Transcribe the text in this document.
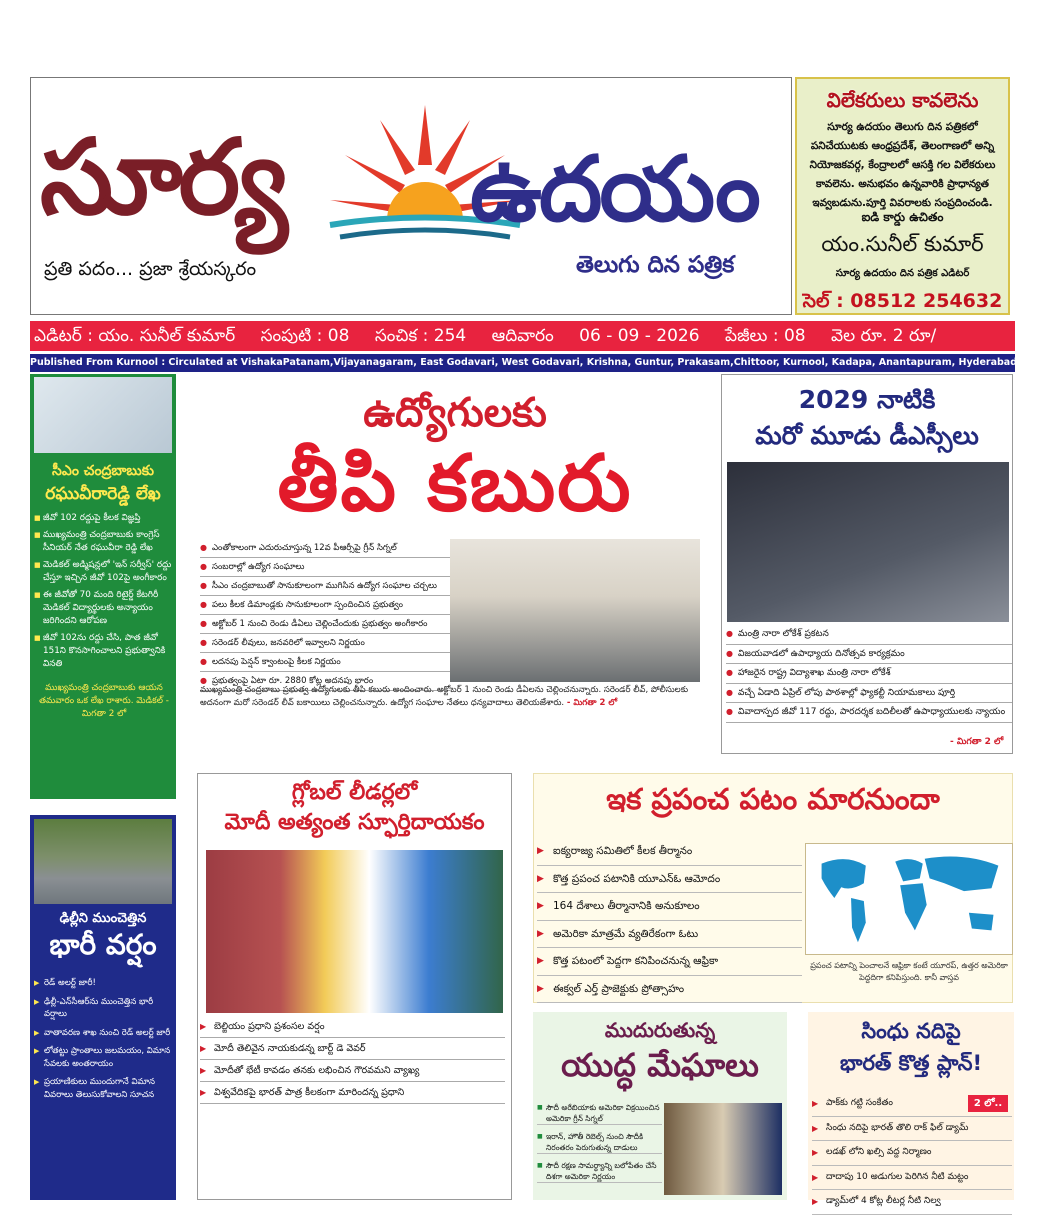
సూర్య ఉదయం
ప్రతి పదం... ప్రజా శ్రేయస్కరం	తెలుగు దిన పత్రిక
విలేకరులు కావలెను
సూర్య ఉదయం తెలుగు దిన పత్రికలో పనిచేయుటకు ఆంధ్రప్రదేశ్, తెలంగాణలో అన్ని నియోజకవర్గ, కేంద్రాలలో ఆసక్తి గల విలేకరులు కావలెను. అనుభవం ఉన్నవారికి ప్రాధాన్యత ఇవ్వబడును.పూర్తి వివరాలకు సంప్రదించండి.
ఐడి కార్డు ఉచితం
యం.సునీల్ కుమార్
సూర్య ఉదయం దిన పత్రిక ఎడిటర్
సెల్ : 08512 254632
ఎడిటర్ : యం. సునీల్ కుమార్ సంపుటి : 08 సంచిక : 254 ఆదివారం 06 - 09 - 2026 పేజీలు : 08 వెల రూ. 2 రూ/
Published From Kurnool : Circulated at VishakaPatanam,Vijayanagaram, East Godavari, West Godavari, Krishna, Guntur, Prakasam,Chittoor, Kurnool, Kadapa, Anantapuram, Hyderabad
సీఎం చంద్రబాబుకు
రఘువీరారెడ్డి లేఖ
■ జీవో 102 రద్దుపై కీలక విజ్ఞప్తి
■ ముఖ్యమంత్రి చంద్రబాబుకు కాంగ్రెస్ సీనియర్ నేత రఘువీరా రెడ్డి లేఖ
■ మెడికల్ అడ్మిషన్లలో 'ఇన్ సర్వీస్' రద్దు చేస్తూ ఇచ్చిన జీవో 102పై అంగీకారం
■ ఈ జీవోతో 70 మంది రిటైర్డ్ కేటగిరీ మెడికల్ విద్యార్థులకు అన్యాయం జరిగిందని ఆరోపణ
■ జీవో 102ను రద్దు చేసి, పాత జీవో 151ని కొనసాగించాలని ప్రభుత్వానికి వినతి
ముఖ్యమంత్రి చంద్రబాబుకు ఆయన తమవారం ఒక లేఖ రాశారు. మెడికల్ - మిగతా 2 లో
ఉద్యోగులకు
తీపి కబురు
● ఎంతోకాలంగా ఎదురుచూస్తున్న 12వ పీఆర్సీపై గ్రీన్ సిగ్నల్
● సంబరాల్లో ఉద్యోగ సంఘాలు
● సీఎం చంద్రబాబుతో సానుకూలంగా ముగిసిన ఉద్యోగ సంఘాల చర్చలు
● పలు కీలక డిమాండ్లకు సానుకూలంగా స్పందించిన ప్రభుత్వం
● అక్టోబర్ 1 నుంచి రెండు డీఏలు చెల్లించేందుకు ప్రభుత్వం అంగీకారం
● సరెండర్ లీవులు, జనవరిలో ఇవ్వాలని నిర్ణయం
● లదనపు పెన్షన్ క్వాంటంపై కీలక నిర్ణయం
● ప్రభుత్వంపై ఏటా రూ. 2880 కోట్ల అదనపు భారం
ముఖ్యమంత్రి చంద్రబాబు ప్రభుత్వ ఉద్యోగులకు తీపి కబురు అందించారు. అక్టోబర్ 1 నుంచి రెండు డీఏలను చెల్లించనున్నారు. సరెండర్ లీవ్, పోలీసులకు అదనంగా మరో సరెండర్ లీవ్ బకాయిలు చెల్లించనున్నారు. ఉద్యోగ సంఘాల నేతలు ధన్యవాదాలు తెలియజేశారు. - మిగతా 2 లో
2029 నాటికి
మరో మూడు డీఎస్సీలు
● మంత్రి నారా లోకేశ్ ప్రకటన
● విజయవాడలో ఉపాధ్యాయ దినోత్సవ కార్యక్రమం
● హాజరైన రాష్ట్ర విద్యాశాఖ మంత్రి నారా లోకేశ్
● వచ్చే ఏడాది ఏప్రిల్ లోపు పాఠశాల్లో ఫ్యాకల్టీ నియామకాలు పూర్తి
● వివాదాస్పద జీవో 117 రద్దు, పారదర్శక బదిలీలతో ఉపాధ్యాయులకు న్యాయం
- మిగతా 2 లో
గ్లోబల్ లీడర్లలో
మోదీ అత్యంత స్ఫూర్తిదాయకం
▶ బెల్జియం ప్రధాని ప్రశంసల వర్షం
▶ మోదీ తెలివైన నాయకుడన్న బార్ట్ డె వెవర్
▶ మోదీతో భేటీ కావడం తనకు లభించిన గౌరవమని వ్యాఖ్య
▶ విశ్వవేదికపై భారత్ పాత్ర కీలకంగా మారిందన్న ప్రధాని
ఇక ప్రపంచ పటం మారనుందా
▶ ఐక్యరాజ్య సమితిలో కీలక తీర్మానం
▶ కొత్త ప్రపంచ పటానికి యూఎన్ఓ ఆమోదం
▶ 164 దేశాలు తీర్మానానికి అనుకూలం
▶ అమెరికా మాత్రమే వ్యతిరేకంగా ఓటు
▶ కొత్త పటంలో పెద్దగా కనిపించనున్న ఆఫ్రికా
▶ ఈక్వల్ ఎర్త్ ప్రాజెక్టుకు ప్రోత్సాహం
ప్రపంచ పటాన్ని పెంచాలనే ఆఫ్రికా కంటే యూరప్, ఉత్తర అమెరికా పెద్దదిగా కనిపిస్తుంది. కానీ వాస్తవ
ముదురుతున్న
యుద్ధ మేఘాలు
■ సౌదీ అరేబియాకు అమెరికా విక్రయించిన అమెరికా గ్రీన్ సిగ్నల్
■ ఇరాన్, హౌతీ రెబెల్స్ నుంచి సౌదీకి నిరంతరం పెరుగుతున్న దాడులు
■ సౌదీ రక్షణ సామర్థ్యాన్ని బలోపేతం చేసే దిశగా అమెరికా నిర్ణయం
సింధు నదిపై
భారత్ కొత్త ప్లాన్!
▶ పాక్‌కు గట్టి సంకేతం
▶ సింధు నదిపై భారత్ తొలి రాక్ ఫిల్ డ్యామ్
▶ లడఖ్ లోని ఖల్సి వద్ద నిర్మాణం
▶ దాదాపు 10 అడుగుల పెరిగిన నీటి మట్టం
▶ డ్యామ్‌లో 4 కోట్ల లీటర్ల నీటి నిల్వ
2 లో..
ఢిల్లీని ముంచెత్తిన
భారీ వర్షం
▶ రెడ్ అలర్ట్ జారీ!
▶ ఢిల్లీ-ఎన్‌సీఆర్‌ను ముంచెత్తిన భారీ వర్షాలు
▶ వాతావరణ శాఖ నుంచి రెడ్ అలర్ట్ జారీ
▶ లోతట్టు ప్రాంతాలు జలమయం, విమాన సేవలకు అంతరాయం
▶ ప్రయాణికులు ముందుగానే విమాన వివరాలు తెలుసుకోవాలని సూచన
